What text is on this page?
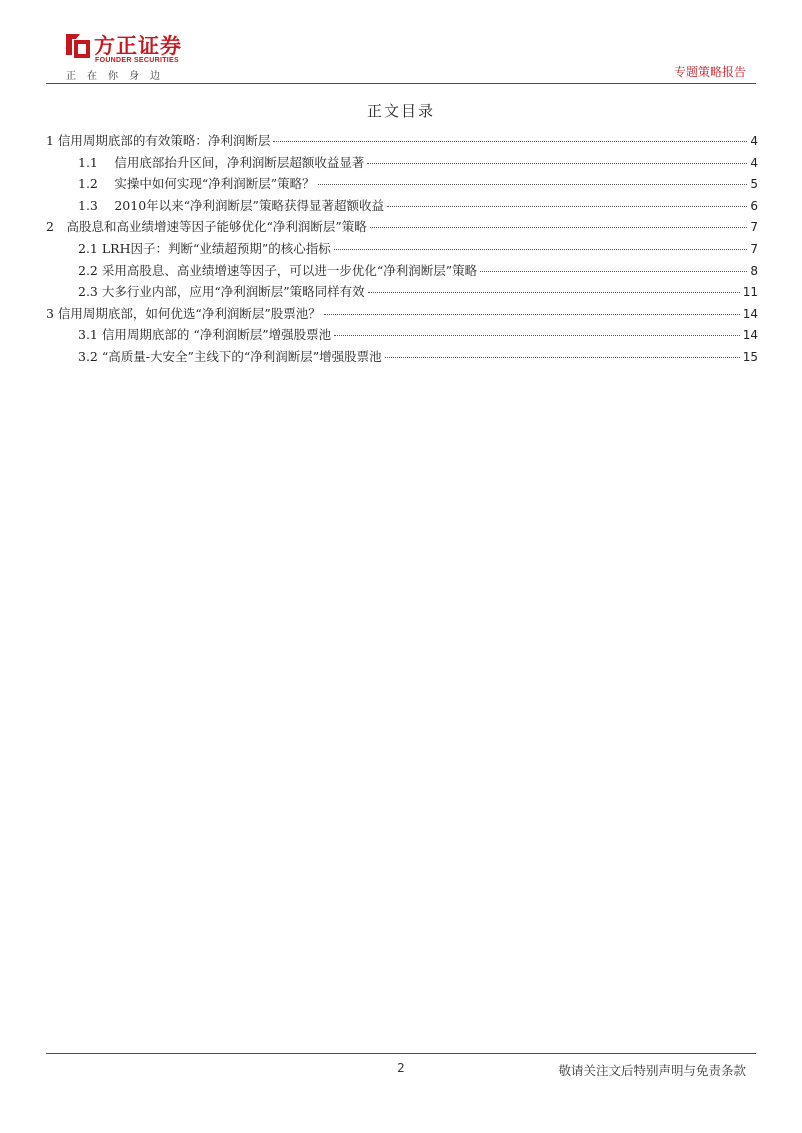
方正证券
FOUNDER SECURITIES
正在你身边	专题策略报告
正文目录
1 信用周期底部的有效策略：净利润断层	4
1.1　 信用底部抬升区间，净利润断层超额收益显著	4
1.2　 实操中如何实现“净利润断层”策略？	5
1.3　 2010年以来“净利润断层”策略获得显著超额收益	6
2　高股息和高业绩增速等因子能够优化“净利润断层”策略	7
2.1 LRH因子：判断“业绩超预期”的核心指标	7
2.2 采用高股息、高业绩增速等因子，可以进一步优化“净利润断层”策略	8
2.3 大多行业内部，应用“净利润断层”策略同样有效	11
3 信用周期底部，如何优选“净利润断层”股票池？	14
3.1 信用周期底部的 “净利润断层”增强股票池	14
3.2 “高质量-大安全”主线下的“净利润断层”增强股票池	15
2	敬请关注文后特别声明与免责条款
